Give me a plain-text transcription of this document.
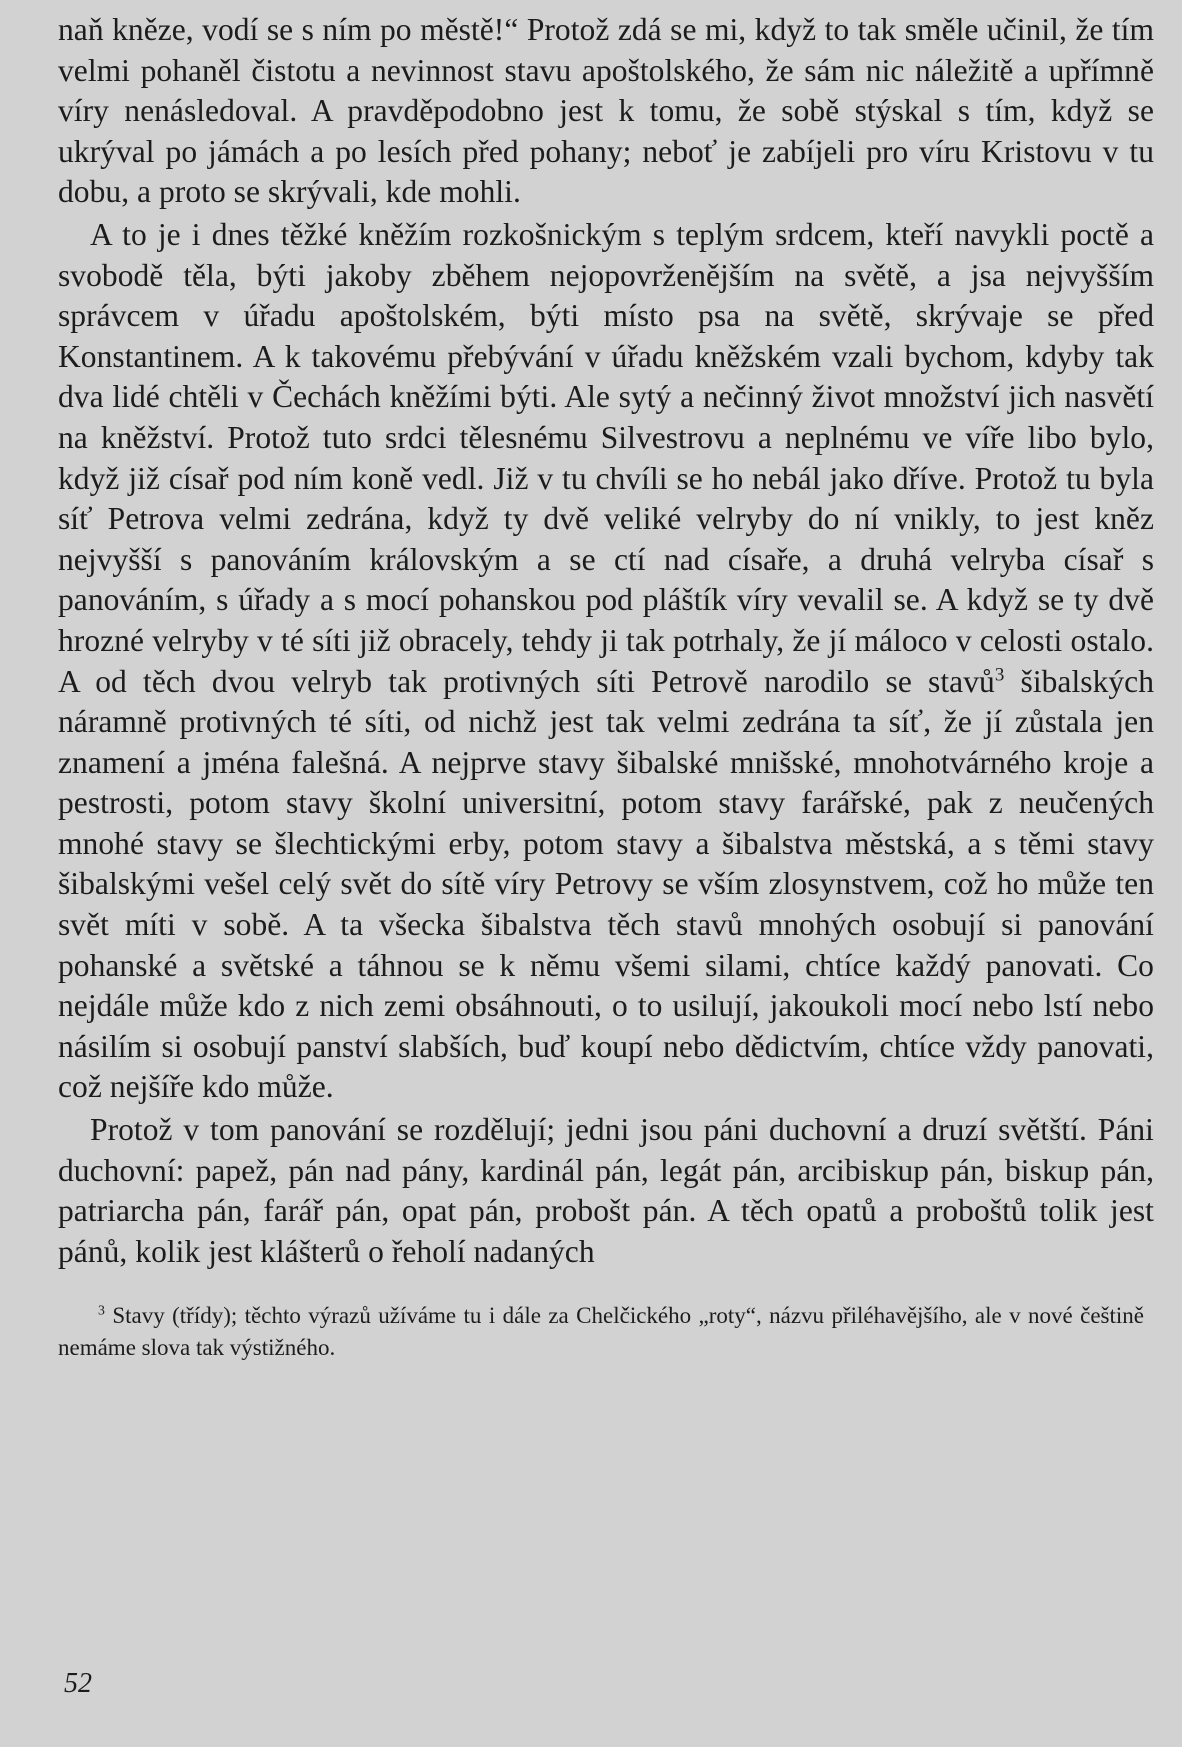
naň kněze, vodí se s ním po městě!“ Protož zdá se mi, když to tak směle učinil, že tím velmi pohaněl čistotu a nevinnost stavu apoštolského, že sám nic náležitě a upřímně víry nenásledoval. A pravděpodobno jest k tomu, že sobě stýskal s tím, když se ukrýval po jámách a po lesích před pohany; neboť je zabíjeli pro víru Kristovu v tu dobu, a proto se skrývali, kde mohli.

A to je i dnes těžké kněžím rozkošnickým s teplým srdcem, kteří navykli poctě a svobodě těla, býti jakoby zběhem nejopovrženějším na světě, a jsa nejvyšším správcem v úřadu apoštolském, býti místo psa na světě, skrývaje se před Konstantinem. A k takovému přebývání v úřadu kněžském vzali bychom, kdyby tak dva lidé chtěli v Čechách kněžími býti. Ale sytý a nečinný život množství jich nasvětí na kněžství. Protož tuto srdci tělesnému Silvestrovu a neplnému ve víře libo bylo, když již císař pod ním koně vedl. Již v tu chvíli se ho nebál jako dříve. Protož tu byla síť Petrova velmi zedrána, když ty dvě veliké velryby do ní vnikly, to jest kněz nejvyšší s panováním královským a se ctí nad císaře, a druhá velryba císař s panováním, s úřady a s mocí pohanskou pod pláštík víry vevalil se. A když se ty dvě hrozné velryby v té síti již obracely, tehdy ji tak potrhaly, že jí máloco v celosti ostalo. A od těch dvou velryb tak protivných síti Petrově narodilo se stavů$^3$ šibalských náramně protivných té síti, od nichž jest tak velmi zedrána ta síť, že jí zůstala jen znamení a jména falešná. A nejprve stavy šibalské mnišské, mnohotvárného kroje a pestrosti, potom stavy školní universitní, potom stavy farářské, pak z neučených mnohé stavy se šlechtickými erby, potom stavy a šibalstva městská, a s těmi stavy šibalskými vešel celý svět do sítě víry Petrovy se vším zlosynstvem, což ho může ten svět míti v sobě. A ta všecka šibalstva těch stavů mnohých osobují si panování pohanské a světské a táhnou se k němu všemi silami, chtíce každý panovati. Co nejdále může kdo z nich zemi obsáhnouti, o to usilují, jakoukoli mocí nebo lstí nebo násilím si osobují panství slabších, buď koupí nebo dědictvím, chtíce vždy panovati, což nejšíře kdo může.

Protož v tom panování se rozdělují; jedni jsou páni duchovní a druzí světští. Páni duchovní: papež, pán nad pány, kardinál pán, legát pán, arcibiskup pán, biskup pán, patriarcha pán, farář pán, opat pán, probošt pán. A těch opatů a proboštů tolik jest pánů, kolik jest klášterů o řeholí nadaných

$^3$ Stavy (třídy); těchto výrazů užíváme tu i dále za Chelčického „roty“, názvu přiléhavějšího, ale v nové češtině nemáme slova tak výstižného.
52
